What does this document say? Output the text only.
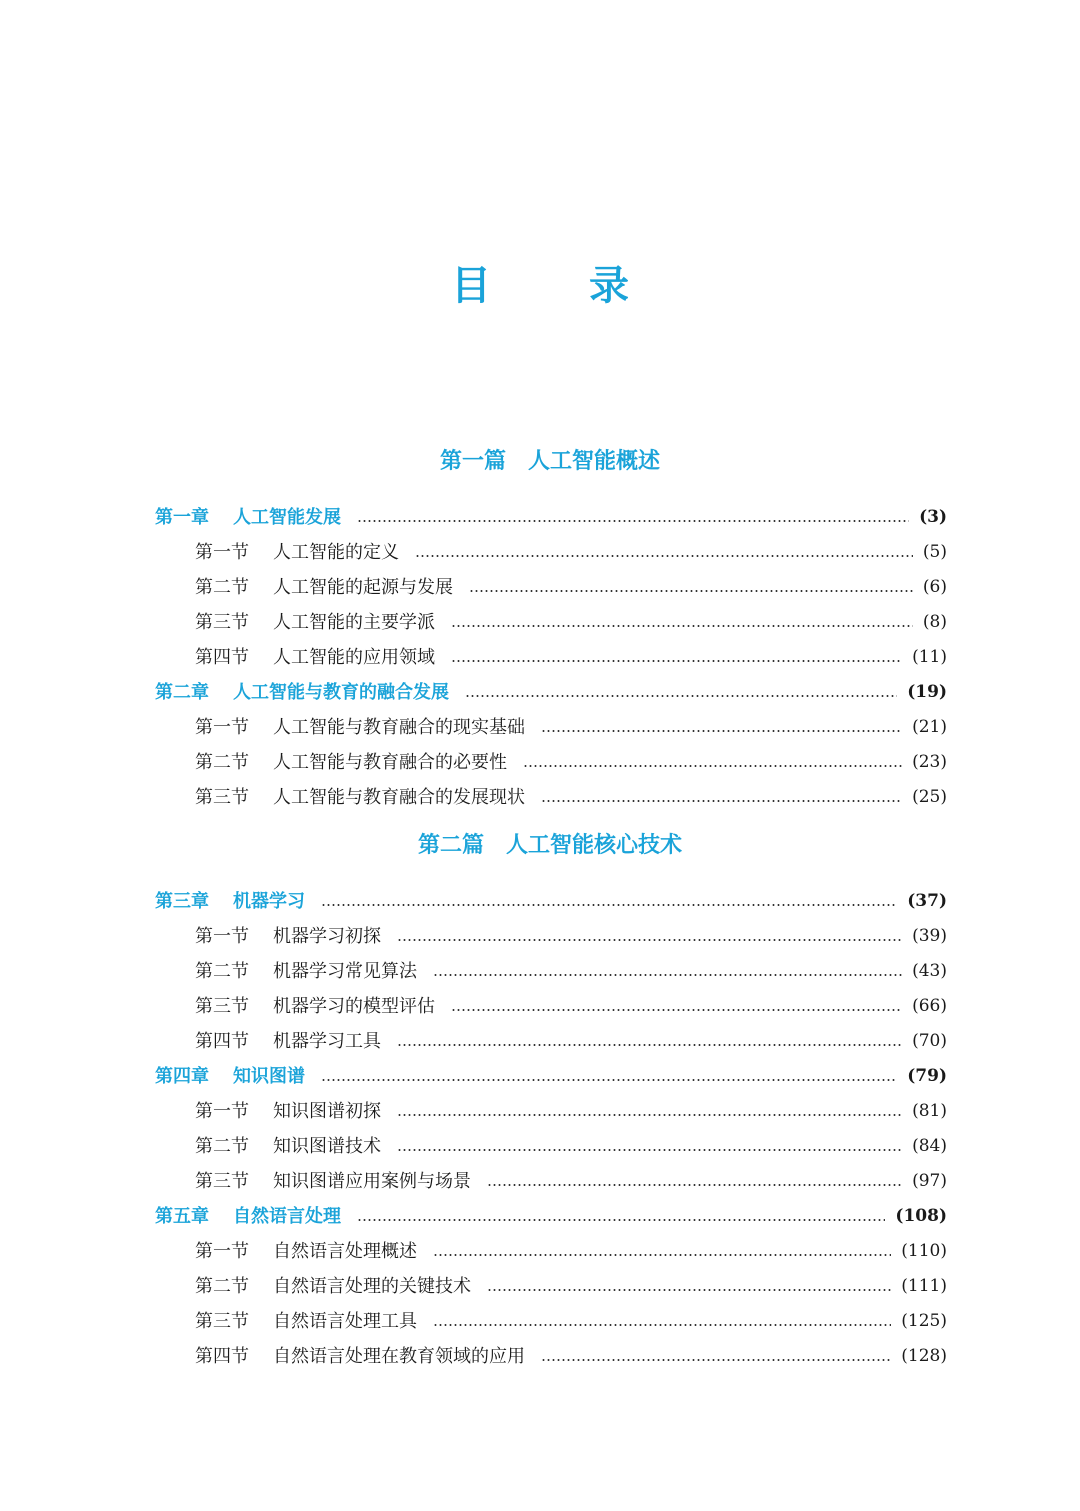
目 录
第一篇　人工智能概述
第一章 人工智能发展	(3)
第一节 人工智能的定义	(5)
第二节 人工智能的起源与发展	(6)
第三节 人工智能的主要学派	(8)
第四节 人工智能的应用领域	(11)
第二章 人工智能与教育的融合发展	(19)
第一节 人工智能与教育融合的现实基础	(21)
第二节 人工智能与教育融合的必要性	(23)
第三节 人工智能与教育融合的发展现状	(25)
第二篇　人工智能核心技术
第三章 机器学习	(37)
第一节 机器学习初探	(39)
第二节 机器学习常见算法	(43)
第三节 机器学习的模型评估	(66)
第四节 机器学习工具	(70)
第四章 知识图谱	(79)
第一节 知识图谱初探	(81)
第二节 知识图谱技术	(84)
第三节 知识图谱应用案例与场景	(97)
第五章 自然语言处理	(108)
第一节 自然语言处理概述	(110)
第二节 自然语言处理的关键技术	(111)
第三节 自然语言处理工具	(125)
第四节 自然语言处理在教育领域的应用	(128)
